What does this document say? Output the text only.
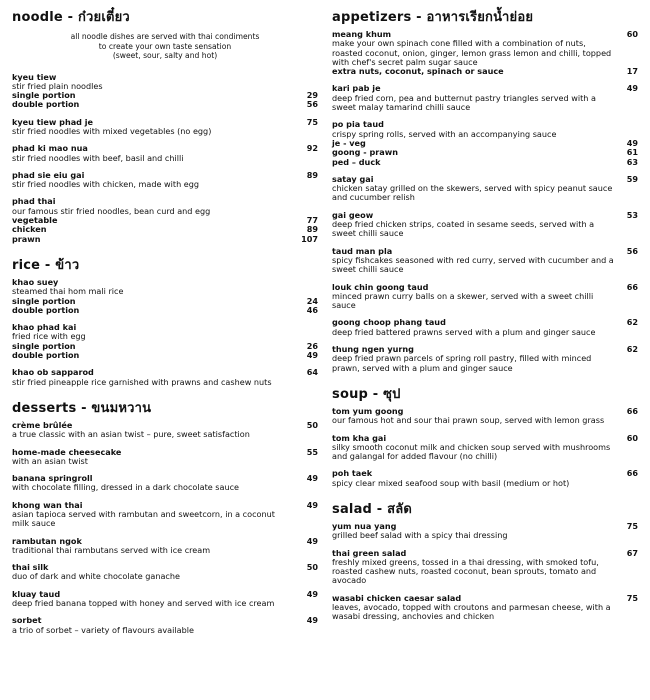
noodle - ก๋วยเตี๋ยว
all noodle dishes are served with thai condiments
to create your own taste sensation
(sweet, sour, salty and hot)
kyeu tiew
stir fried plain noodles
single portion	29
double portion	56
kyeu tiew phad je	75
stir fried noodles with mixed vegetables (no egg)
phad ki mao nua	92
stir fried noodles with beef, basil and chilli
phad sie eiu gai	89
stir fried noodles with chicken, made with egg
phad thai
our famous stir fried noodles, bean curd and egg
vegetable	77
chicken	89
prawn	107
rice - ข้าว
khao suey
steamed thai hom mali rice
single portion	24
double portion	46
khao phad kai
fried rice with egg
single portion	26
double portion	49
khao ob sapparod	64
stir fried pineapple rice garnished with prawns and cashew nuts
desserts - ขนมหวาน
crème brûlée	50
a true classic with an asian twist – pure, sweet satisfaction
home-made cheesecake	55
with an asian twist
banana springroll	49
with chocolate filling, dressed in a dark chocolate sauce
khong wan thai	49
asian tapioca served with rambutan and sweetcorn, in a coconut milk sauce
rambutan ngok	49
traditional thai rambutans served with ice cream
thai silk	50
duo of dark and white chocolate ganache
kluay taud	49
deep fried banana topped with honey and served with ice cream
sorbet	49
a trio of sorbet – variety of flavours available
appetizers - อาหารเรียกน้ำย่อย
meang khum	60
make your own spinach cone filled with a combination of nuts, roasted coconut, onion, ginger, lemon grass lemon and chilli, topped with chef's secret palm sugar sauce
extra nuts, coconut, spinach or sauce	17
kari pab je	49
deep fried corn, pea and butternut pastry triangles served with a sweet malay tamarind chilli sauce
po pia taud
crispy spring rolls, served with an accompanying sauce
je - veg	49
goong - prawn	61
ped – duck	63
satay gai	59
chicken satay grilled on the skewers, served with spicy peanut sauce and cucumber relish
gai geow	53
deep fried chicken strips, coated in sesame seeds, served with a sweet chilli sauce
taud man pla	56
spicy fishcakes seasoned with red curry, served with cucumber and a sweet chilli sauce
louk chin goong taud	66
minced prawn curry balls on a skewer, served with a sweet chilli sauce
goong choop phang taud	62
deep fried battered prawns served with a plum and ginger sauce
thung ngen yurng	62
deep fried prawn parcels of spring roll pastry, filled with minced prawn, served with a plum and ginger sauce
soup - ซุป
tom yum goong	66
our famous hot and sour thai prawn soup, served with lemon grass
tom kha gai	60
silky smooth coconut milk and chicken soup served with mushrooms and galangal for added flavour (no chilli)
poh taek	66
spicy clear mixed seafood soup with basil (medium or hot)
salad - สลัด
yum nua yang	75
grilled beef salad with a spicy thai dressing
thai green salad	67
freshly mixed greens, tossed in a thai dressing, with smoked tofu, roasted cashew nuts, roasted coconut, bean sprouts, tomato and avocado
wasabi chicken caesar salad	75
leaves, avocado, topped with croutons and parmesan cheese, with a wasabi dressing, anchovies and chicken
